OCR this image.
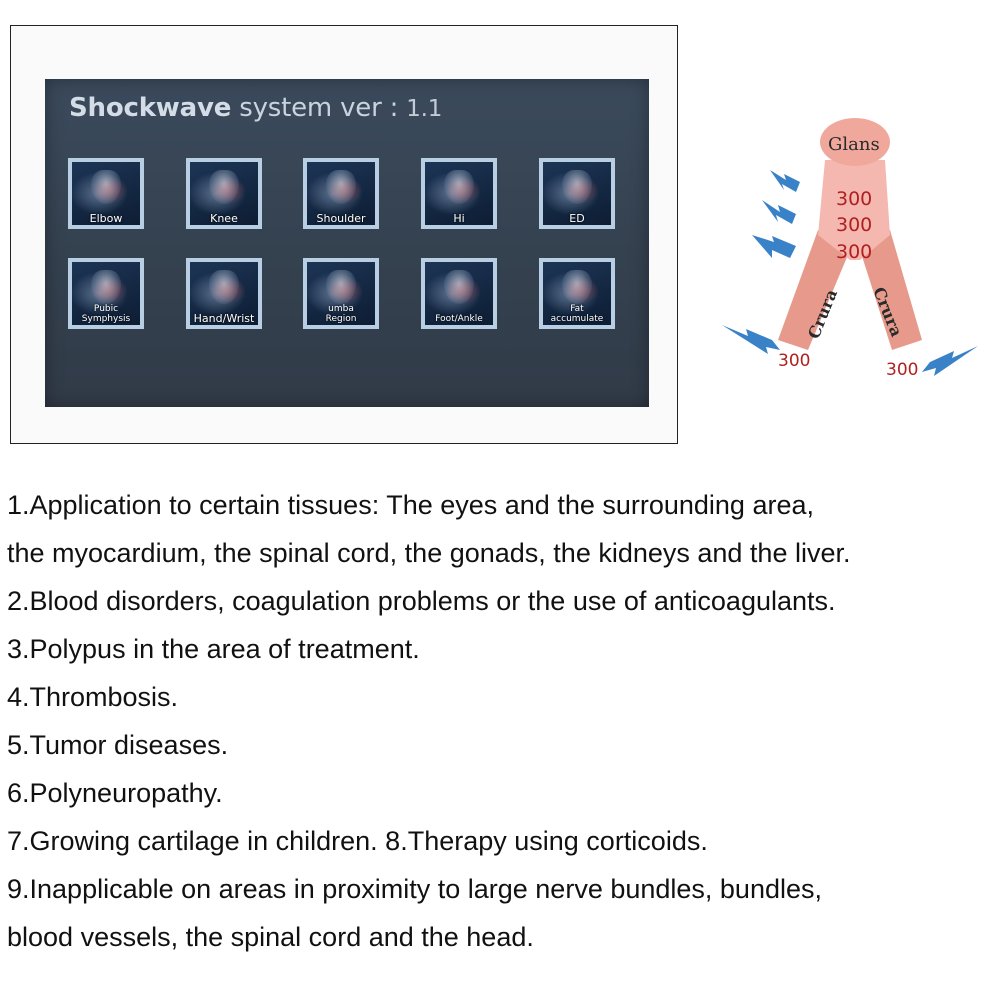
Shockwave system ver : 1.1
Elbow	Knee	Shoulder	Hi	ED
Pubic
Symphysis	Hand/Wrist
umba
Region	Foot/Ankle
Fat
accumulate
Glans
300
300
300
Crura Crura
300	300
1.Application to certain tissues: The eyes and the surrounding area,
the myocardium, the spinal cord, the gonads, the kidneys and the liver.
2.Blood disorders, coagulation problems or the use of anticoagulants.
3.Polypus in the area of treatment.
4.Thrombosis.
5.Tumor diseases.
6.Polyneuropathy.
7.Growing cartilage in children. 8.Therapy using corticoids.
9.Inapplicable on areas in proximity to large nerve bundles, bundles,
blood vessels, the spinal cord and the head.
